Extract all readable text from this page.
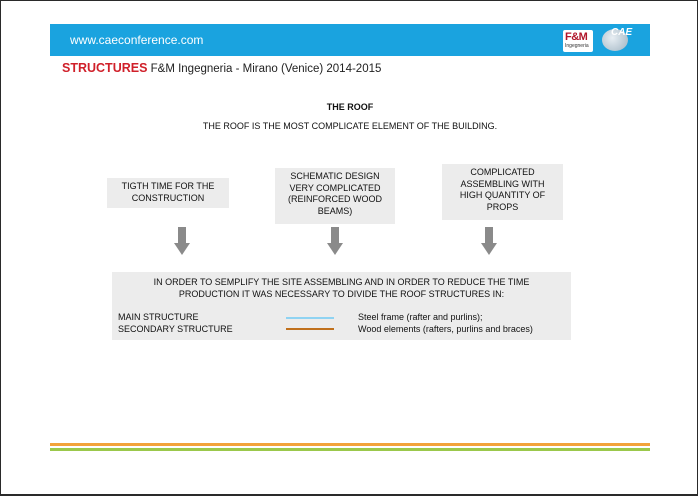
www.caeconference.com	F&M
Ingegneria
CAE
STRUCTURES F&M Ingegneria - Mirano (Venice) 2014-2015
THE ROOF
THE ROOF IS THE MOST COMPLICATE ELEMENT OF THE BUILDING.
TIGTH TIME FOR THE
CONSTRUCTION
SCHEMATIC DESIGN
VERY COMPLICATED
(REINFORCED WOOD
BEAMS)
COMPLICATED
ASSEMBLING WITH
HIGH QUANTITY OF
PROPS
IN ORDER TO SEMPLIFY THE SITE ASSEMBLING AND IN ORDER TO REDUCE THE TIME
PRODUCTION IT WAS NECESSARY TO DIVIDE THE ROOF STRUCTURES IN:
MAIN STRUCTURE
SECONDARY STRUCTURE
Steel frame (rafter and purlins);
Wood elements (rafters, purlins and braces)
